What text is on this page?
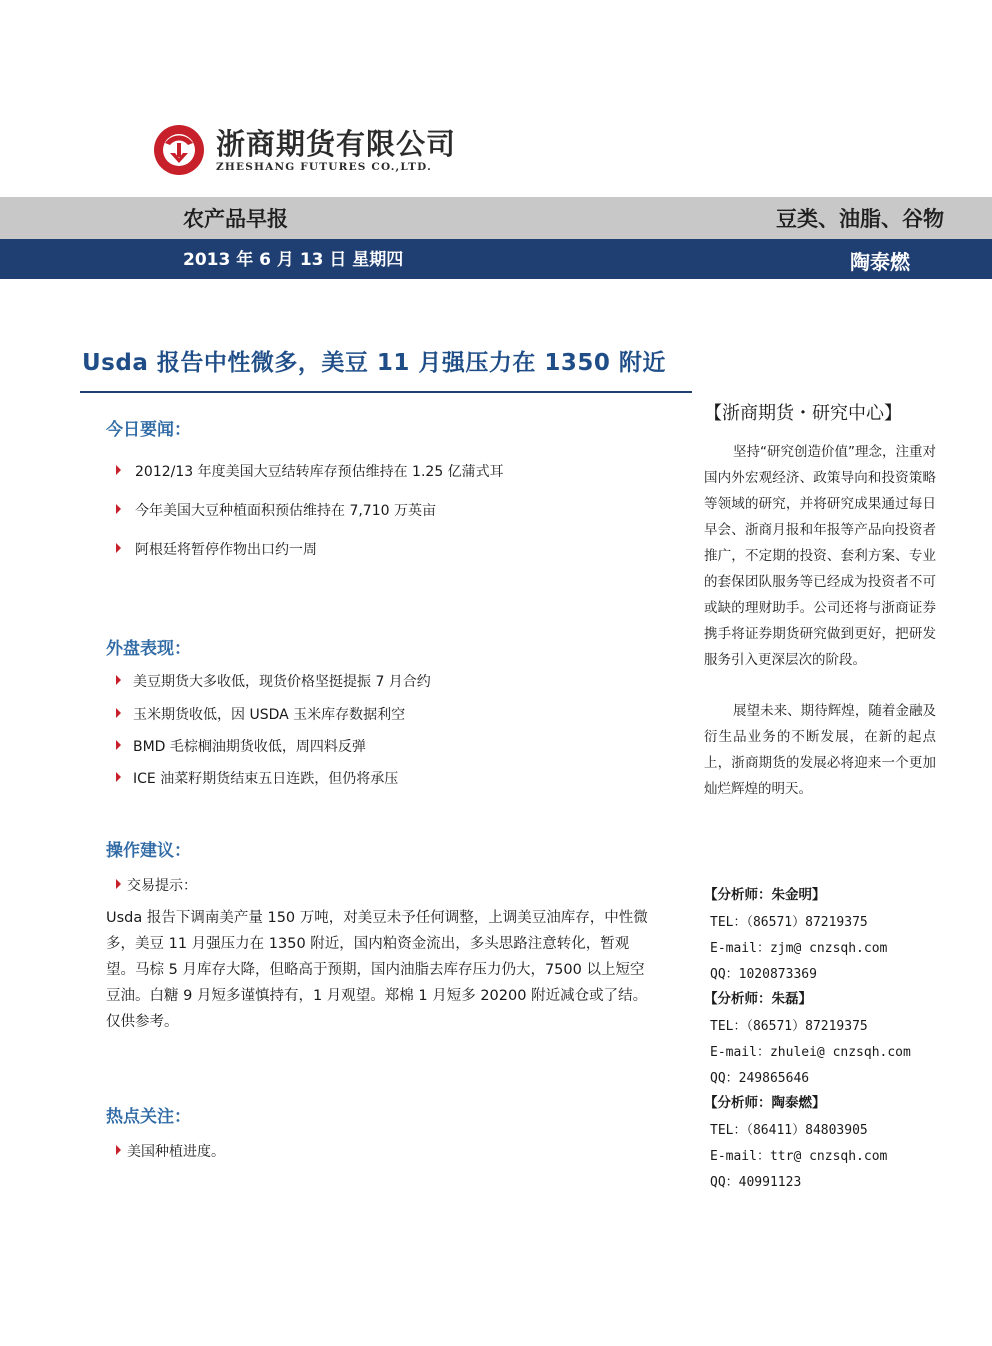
浙商期货有限公司
ZHESHANG FUTURES CO.,LTD.
农产品早报	豆类、油脂、谷物
2013 年 6 月 13 日 星期四	陶泰燃
Usda 报告中性微多，美豆 11 月强压力在 1350 附近
今日要闻：
2012/13 年度美国大豆结转库存预估维持在 1.25 亿蒲式耳
今年美国大豆种植面积预估维持在 7,710 万英亩
阿根廷将暂停作物出口约一周
外盘表现：
美豆期货大多收低，现货价格坚挺提振 7 月合约
玉米期货收低，因 USDA 玉米库存数据利空
BMD 毛棕榈油期货收低，周四料反弹
ICE 油菜籽期货结束五日连跌，但仍将承压
操作建议：
交易提示：
Usda 报告下调南美产量 150 万吨，对美豆未予任何调整，上调美豆油库存，中性微多，美豆 11 月强压力在 1350 附近，国内粕资金流出，多头思路注意转化，暂观望。马棕 5 月库存大降，但略高于预期，国内油脂去库存压力仍大，7500 以上短空豆油。白糖 9 月短多谨慎持有，1 月观望。郑棉 1 月短多 20200 附近减仓或了结。仅供参考。
热点关注：
美国种植进度。
【浙商期货・研究中心】
坚持“研究创造价值”理念，注重对国内外宏观经济、政策导向和投资策略等领域的研究，并将研究成果通过每日早会、浙商月报和年报等产品向投资者推广，不定期的投资、套利方案、专业的套保团队服务等已经成为投资者不可或缺的理财助手。公司还将与浙商证券携手将证券期货研究做到更好，把研发服务引入更深层次的阶段。
展望未来、期待辉煌，随着金融及衍生品业务的不断发展，在新的起点上，浙商期货的发展必将迎来一个更加灿烂辉煌的明天。
【分析师：朱金明】
TEL：（86571）87219375
E-mail：zjm@ cnzsqh.com
QQ：1020873369
【分析师：朱磊】
TEL：（86571）87219375
E-mail：zhulei@ cnzsqh.com
QQ：249865646
【分析师：陶泰燃】
TEL：（86411）84803905
E-mail：ttr@ cnzsqh.com
QQ：40991123
